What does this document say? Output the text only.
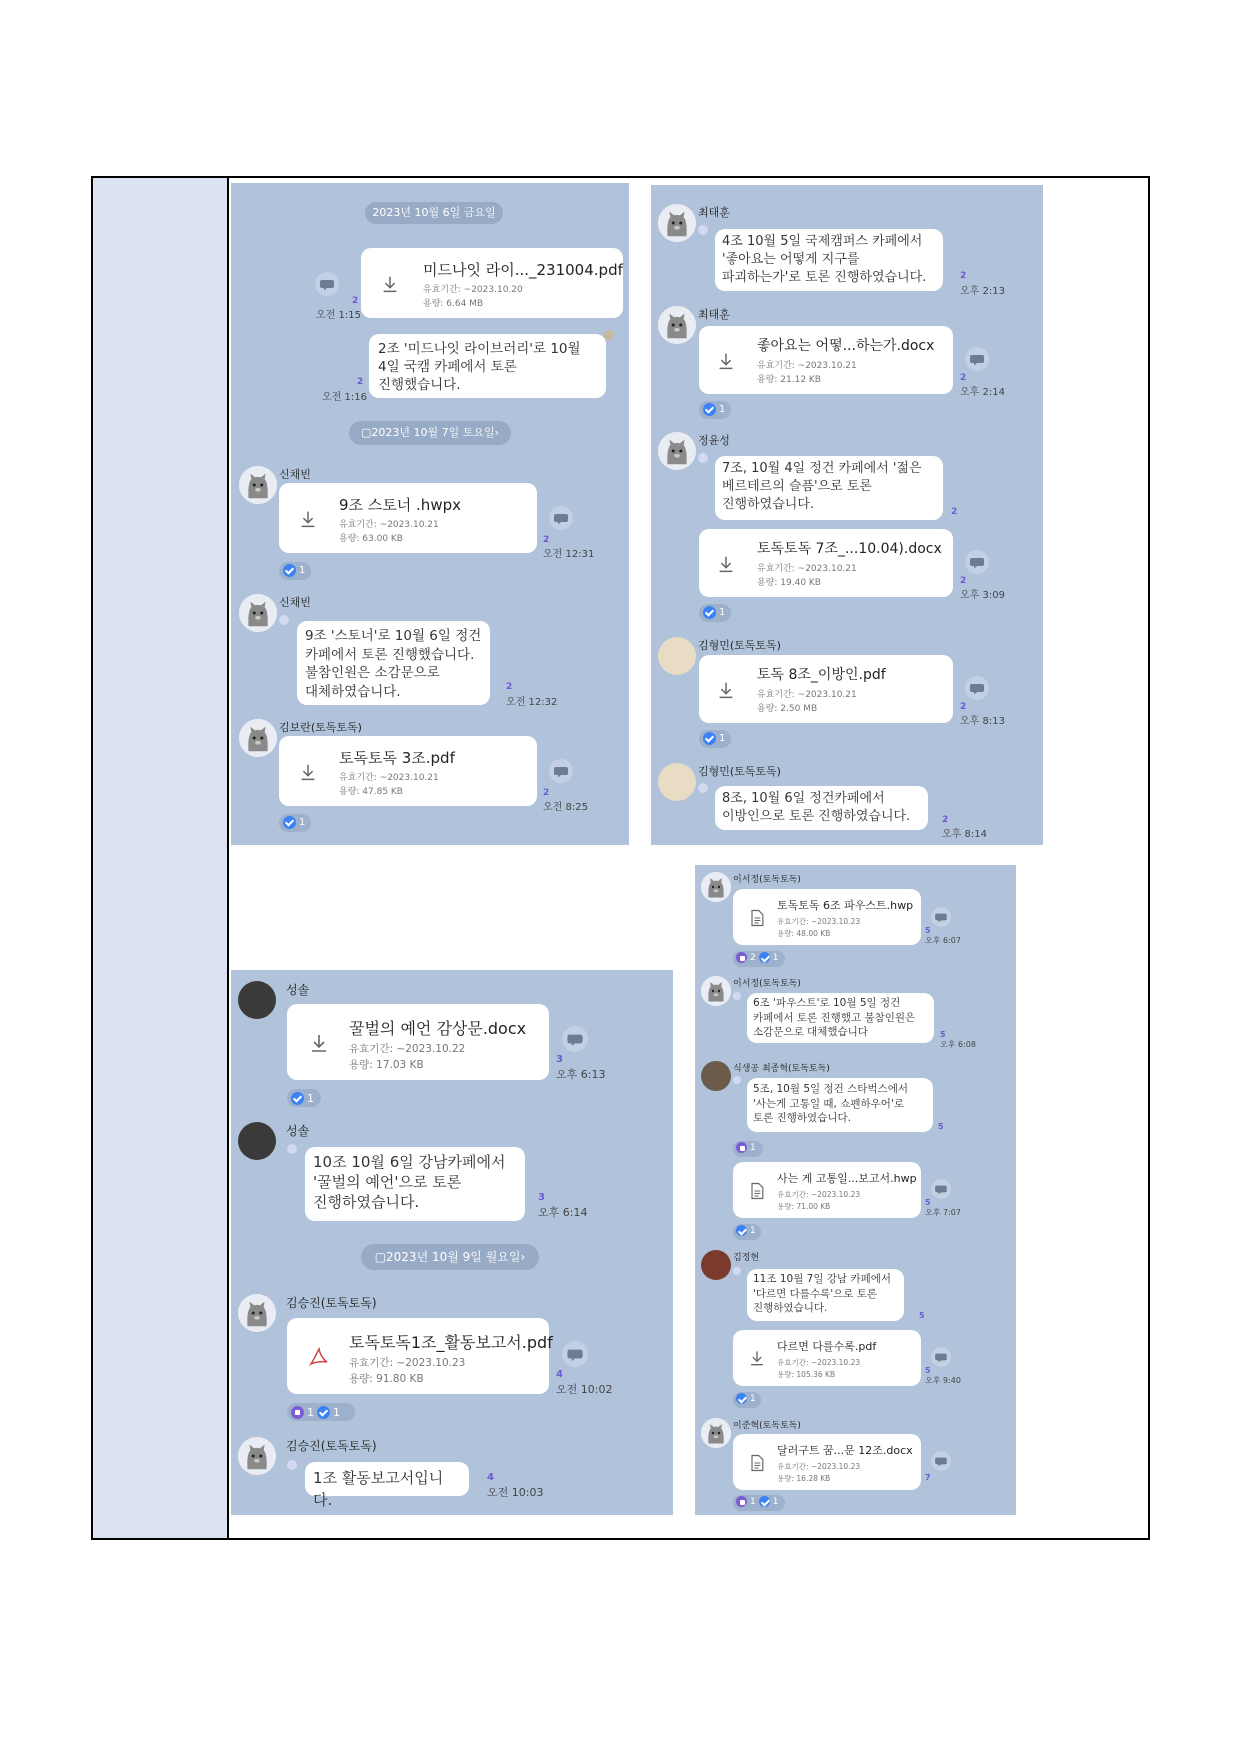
2023년 10월 6일 금요일
2
오전 1:15
미드나잇 라이..._231004.pdf
유효기간: ~2023.10.20
용량: 6.64 MB
2
오전 1:16
2조 '미드나잇 라이브러리'로 10월
4일 국캠 카페에서 토론
진행했습니다.
▢2023년 10월 7일 토요일›
신채빈
9조 스토너 .hwpx
유효기간: ~2023.10.21
용량: 63.00 KB	2
오전 12:31
1
신채빈
9조 '스토너'로 10월 6일 정건
카페에서 토론 진행했습니다.
불참인원은 소감문으로
대체하였습니다.	2
오전 12:32
김보란(토독토독)
토독토독 3조.pdf
유효기간: ~2023.10.21
용량: 47.85 KB	2
오전 8:25
1
최태훈
4조 10월 5일 국제캠퍼스 카페에서
'좋아요는 어떻게 지구를
파괴하는가'로 토론 진행하였습니다.	2
오후 2:13
최태훈
좋아요는 어떻...하는가.docx
유효기간: ~2023.10.21
용량: 21.12 KB	2
오후 2:14
1
정윤성
7조, 10월 4일 정건 카페에서 '젊은
베르테르의 슬픔'으로 토론
진행하였습니다.	2
토독토독 7조_...10.04).docx
유효기간: ~2023.10.21
용량: 19.40 KB	2
오후 3:09
1
김형민(토독토독)
토독 8조_이방인.pdf
유효기간: ~2023.10.21
용량: 2.50 MB	2
오후 8:13
1
김형민(토독토독)
8조, 10월 6일 정건카페에서
이방인으로 토론 진행하였습니다.	2
오후 8:14
성솔
꿀벌의 예언 감상문.docx
유효기간: ~2023.10.22
용량: 17.03 KB	3
오후 6:13
1
성솔
10조 10월 6일 강남카페에서
'꿀벌의 예언'으로 토론
진행하였습니다.	3
오후 6:14
▢2023년 10월 9일 월요일›
김승진(토독토독)
토독토독1조_활동보고서.pdf
유효기간: ~2023.10.23
용량: 91.80 KB	4
오전 10:02
1 1
김승진(토독토독)
1조 활동보고서입니다.
4
오전 10:03
이서정(토독토독)
토독토독 6조 파우스트.hwp
유효기간: ~2023.10.23
용량: 48.00 KB	5
오후 6:07
2 1
이서정(토독토독)
6조 '파우스트'로 10월 5일 정건
카페에서 토론 진행했고 불참인원은
소감문으로 대체했습니다	5
오후 6:08
식생공 최종혁(토독토독)
5조, 10월 5일 정건 스타벅스에서
'사는게 고통일 때, 쇼펜하우어'로
토론 진행하였습니다.
5
1
사는 게 고통일...보고서.hwp
유효기간: ~2023.10.23
용량: 71.00 KB	5
오후 7:07
1
김정현
11조 10월 7일 강남 카페에서
'다르면 다를수록'으로 토론
진행하였습니다.
5
다르면 다를수록.pdf
유효기간: ~2023.10.23
용량: 105.36 KB	5
오후 9:40
1
이준혁(토독토독)
달러구트 꿈...문 12조.docx
유효기간: ~2023.10.23
용량: 16.28 KB	7
1 1
